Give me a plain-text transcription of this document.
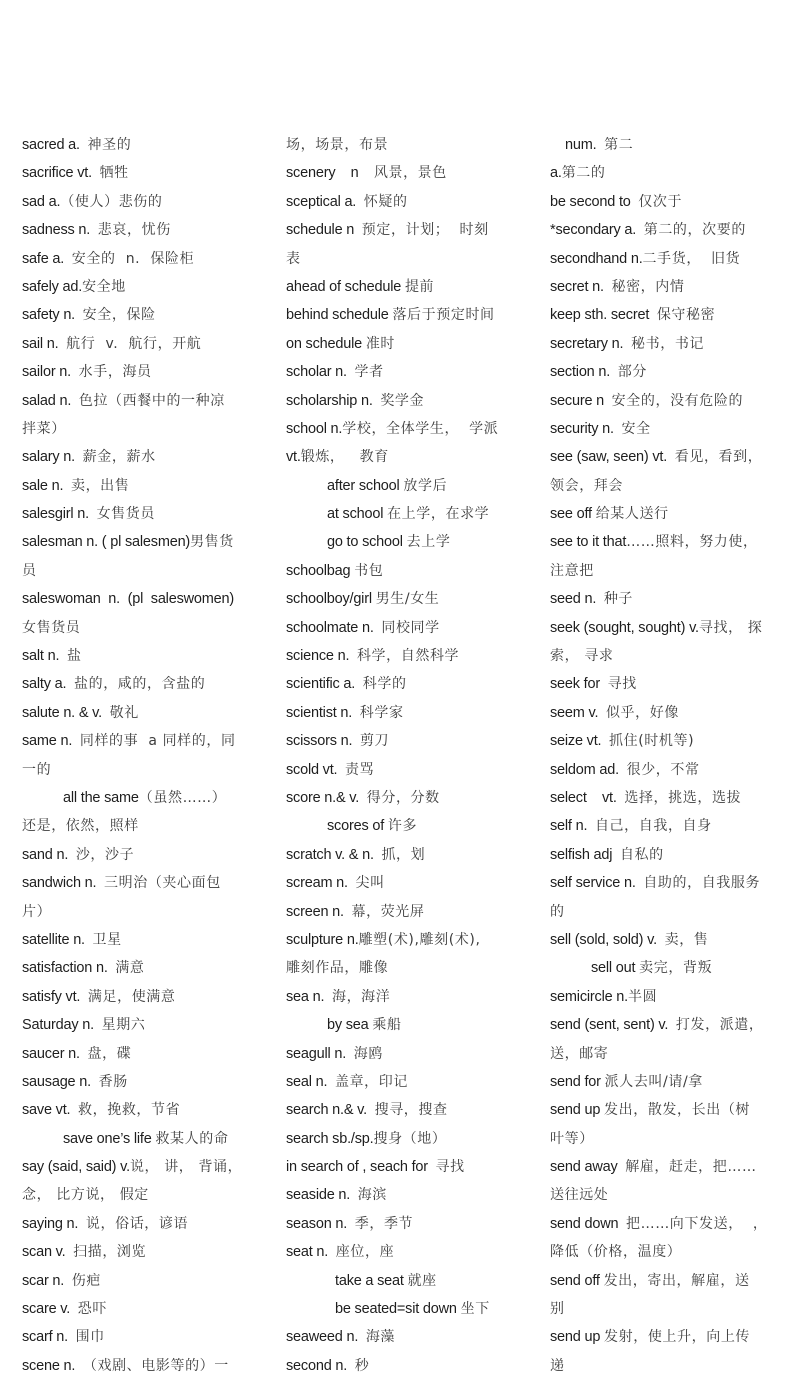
sacred a.  神圣的
sacrifice vt.  牺牲
sad a.（使人）悲伤的
sadness n.  悲哀，忧伤
safe a.  安全的  n.  保险柜
safely ad.安全地
safety n.  安全，保险
sail n.  航行  v.  航行，开航
sailor n.  水手，海员
salad n.  色拉（西餐中的一种凉
拌菜）
salary n.  薪金，薪水
sale n.  卖，出售
salesgirl n.  女售货员
salesman n. ( pl salesmen)男售货
员
saleswoman  n.  (pl  saleswomen)
女售货员
salt n.  盐
salty a.  盐的，咸的，含盐的
salute n. & v.  敬礼
same n.  同样的事  a 同样的，同
一的
all the same（虽然……）
还是，依然，照样
sand n.  沙，沙子
sandwich n.  三明治（夹心面包
片）
satellite n.  卫星
satisfaction n.  满意
satisfy vt.  满足，使满意
Saturday n.  星期六
saucer n.  盘，碟
sausage n.  香肠
save vt.  救，挽救，节省
save one’s life 救某人的命
say (said, said) v.说， 讲， 背诵，
念， 比方说， 假定
saying n.  说，俗话，谚语
scan v.  扫描，浏览
scar n.  伤疤
scare v.  恐吓
scarf n.  围巾
scene n.  （戏剧、电影等的）一
场，场景，布景
scenery    n    风景，景色
sceptical a.  怀疑的
schedule n  预定，计划；  时刻
表
ahead of schedule 提前
behind schedule 落后于预定时间
on schedule 准时
scholar n.  学者
scholarship n.  奖学金
school n.学校，全体学生，  学派
vt.锻炼，   教育
after school 放学后
at school 在上学，在求学
go to school 去上学
schoolbag 书包
schoolboy/girl 男生/女生
schoolmate n.  同校同学
science n.  科学，自然科学
scientific a.  科学的
scientist n.  科学家
scissors n.  剪刀
scold vt.  责骂
score n.& v.  得分，分数
scores of 许多
scratch v. & n.  抓，划
scream n.  尖叫
screen n.  幕，荧光屏
sculpture n.雕塑(术),雕刻(术),
雕刻作品，雕像
sea n.  海，海洋
by sea 乘船
seagull n.  海鸥
seal n.  盖章，印记
search n.& v.  搜寻，搜查
search sb./sp.搜身（地）
in search of , seach for  寻找
seaside n.  海滨
season n.  季，季节
seat n.  座位，座
take a seat 就座
be seated=sit down 坐下
seaweed n.  海藻
second n.  秒
num.  第二
a.第二的
be second to  仅次于
*secondary a.  第二的，次要的
secondhand n.二手货，  旧货
secret n.  秘密，内情
keep sth. secret  保守秘密
secretary n.  秘书，书记
section n.  部分
secure n  安全的，没有危险的
security n.  安全
see (saw, seen) vt.  看见，看到，
领会，拜会
see off 给某人送行
see to it that……照料，努力使，
注意把
seed n.  种子
seek (sought, sought) v.寻找， 探
索， 寻求
seek for  寻找
seem v.  似乎，好像
seize vt.  抓住(时机等)
seldom ad.  很少，不常
select    vt.  选择，挑选，选拔
self n.  自己，自我，自身
selfish adj  自私的
self service n.  自助的，自我服务
的
sell (sold, sold) v.  卖，售
sell out 卖完，背叛
semicircle n.半圆
send (sent, sent) v.  打发，派遣，
送，邮寄
send for 派人去叫/请/拿
send up 发出，散发，长出（树
叶等）
send away  解雇，赶走，把……
送往远处
send down  把……向下发送，  ，
降低（价格，温度）
send off 发出，寄出，解雇，送
别
send up 发射，使上升，向上传
递
